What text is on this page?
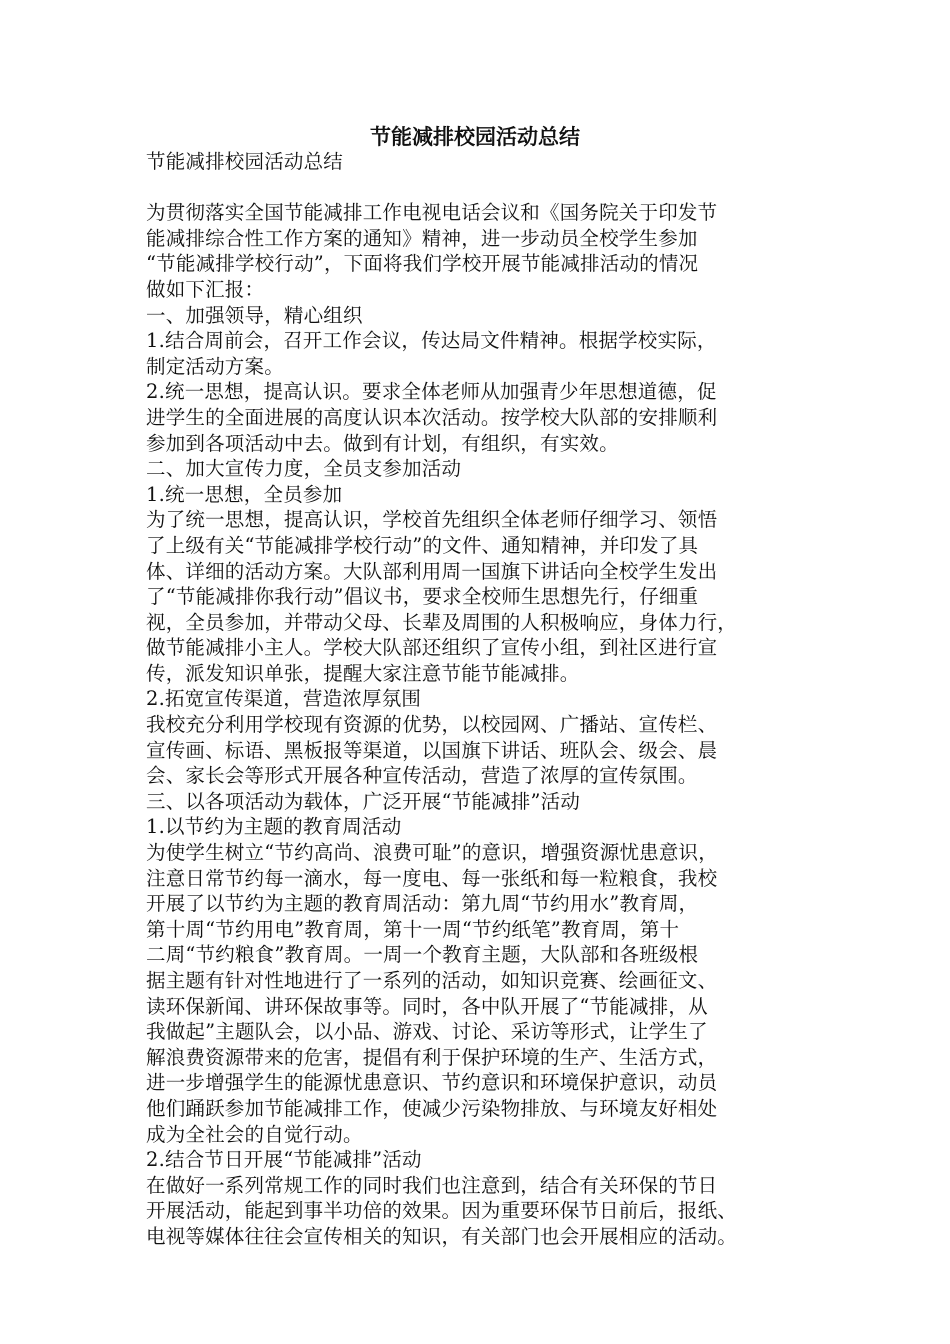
节能减排校园活动总结
节能减排校园活动总结
为贯彻落实全国节能减排工作电视电话会议和《国务院关于印发节
能减排综合性工作方案的通知》精神，进一步动员全校学生参加
“节能减排学校行动”，下面将我们学校开展节能减排活动的情况
做如下汇报：
一、加强领导，精心组织
1.结合周前会，召开工作会议，传达局文件精神。根据学校实际，
制定活动方案。
2.统一思想，提高认识。要求全体老师从加强青少年思想道德，促
进学生的全面进展的高度认识本次活动。按学校大队部的安排顺利
参加到各项活动中去。做到有计划，有组织，有实效。
二、加大宣传力度，全员支参加活动
1.统一思想，全员参加
为了统一思想，提高认识，学校首先组织全体老师仔细学习、领悟
了上级有关“节能减排学校行动”的文件、通知精神，并印发了具
体、详细的活动方案。大队部利用周一国旗下讲话向全校学生发出
了“节能减排你我行动”倡议书，要求全校师生思想先行，仔细重
视，全员参加，并带动父母、长辈及周围的人积极响应，身体力行，
做节能减排小主人。学校大队部还组织了宣传小组，到社区进行宣
传，派发知识单张，提醒大家注意节能节能减排。
2.拓宽宣传渠道，营造浓厚氛围
我校充分利用学校现有资源的优势，以校园网、广播站、宣传栏、
宣传画、标语、黑板报等渠道，以国旗下讲话、班队会、级会、晨
会、家长会等形式开展各种宣传活动，营造了浓厚的宣传氛围。
三、以各项活动为载体，广泛开展“节能减排”活动
1.以节约为主题的教育周活动
为使学生树立“节约高尚、浪费可耻”的意识，增强资源忧患意识，
注意日常节约每一滴水，每一度电、每一张纸和每一粒粮食，我校
开展了以节约为主题的教育周活动：第九周“节约用水”教育周，
第十周“节约用电”教育周，第十一周“节约纸笔”教育周，第十
二周“节约粮食”教育周。一周一个教育主题，大队部和各班级根
据主题有针对性地进行了一系列的活动，如知识竞赛、绘画征文、
读环保新闻、讲环保故事等。同时，各中队开展了“节能减排，从
我做起”主题队会，以小品、游戏、讨论、采访等形式，让学生了
解浪费资源带来的危害，提倡有利于保护环境的生产、生活方式，
进一步增强学生的能源忧患意识、节约意识和环境保护意识，动员
他们踊跃参加节能减排工作，使减少污染物排放、与环境友好相处
成为全社会的自觉行动。
2.结合节日开展“节能减排”活动
在做好一系列常规工作的同时我们也注意到，结合有关环保的节日
开展活动，能起到事半功倍的效果。因为重要环保节日前后，报纸、
电视等媒体往往会宣传相关的知识，有关部门也会开展相应的活动。
